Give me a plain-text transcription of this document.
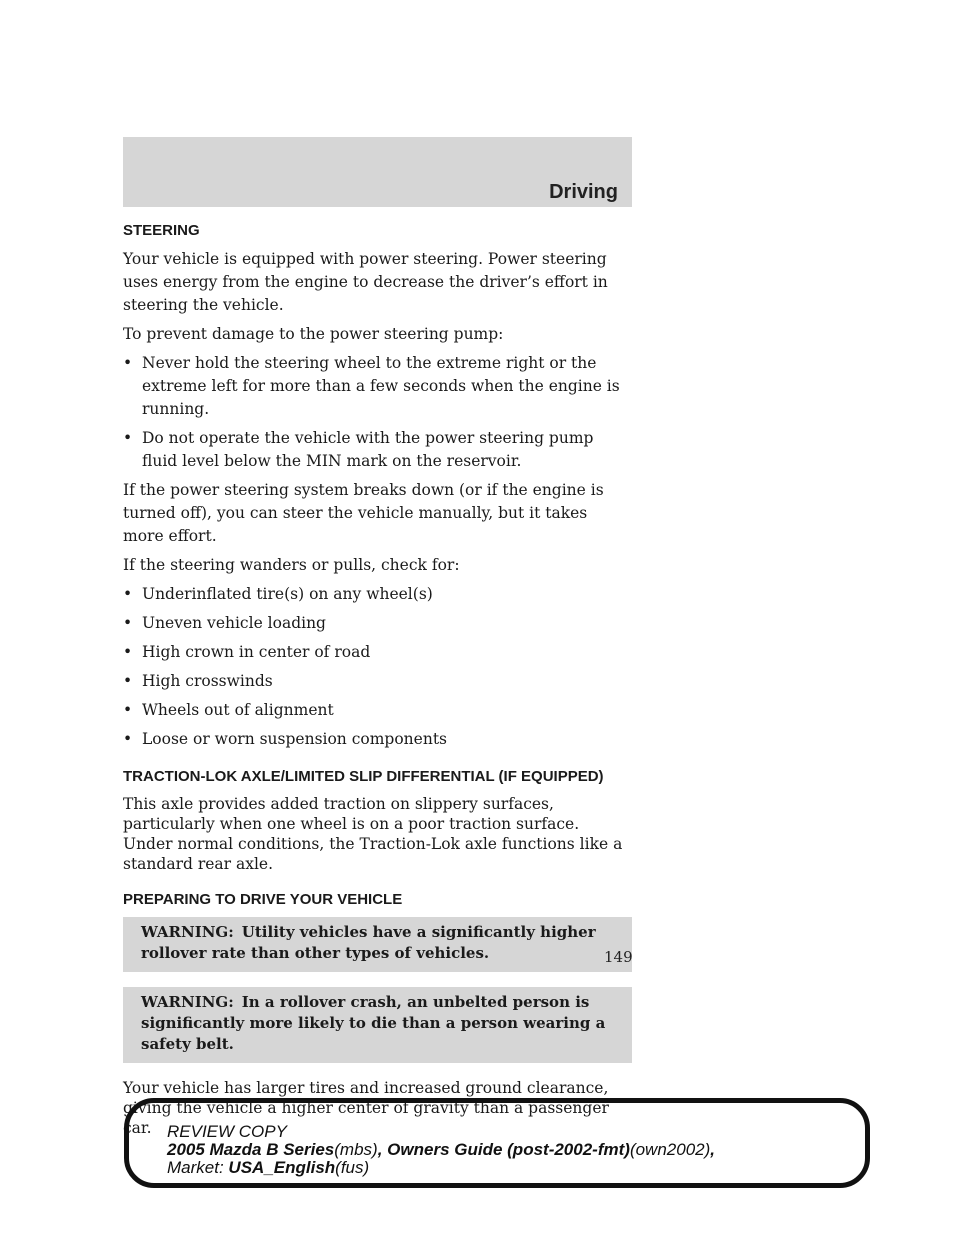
Driving
STEERING

Your vehicle is equipped with power steering. Power steering uses energy from the engine to decrease the driver’s effort in steering the vehicle.

To prevent damage to the power steering pump:

• Never hold the steering wheel to the extreme right or the extreme left for more than a few seconds when the engine is running.
• Do not operate the vehicle with the power steering pump fluid level below the MIN mark on the reservoir.

If the power steering system breaks down (or if the engine is turned off), you can steer the vehicle manually, but it takes more effort.

If the steering wanders or pulls, check for:

• Underinflated tire(s) on any wheel(s)
• Uneven vehicle loading
• High crown in center of road
• High crosswinds
• Wheels out of alignment
• Loose or worn suspension components
TRACTION-LOK AXLE/LIMITED SLIP DIFFERENTIAL (IF EQUIPPED)

This axle provides added traction on slippery surfaces, particularly when one wheel is on a poor traction surface. Under normal conditions, the Traction-Lok axle functions like a standard rear axle.

PREPARING TO DRIVE YOUR VEHICLE
WARNING: Utility vehicles have a significantly higher rollover rate than other types of vehicles.
WARNING: In a rollover crash, an unbelted person is significantly more likely to die than a person wearing a safety belt.

Your vehicle has larger tires and increased ground clearance, giving the vehicle a higher center of gravity than a passenger car.

149
REVIEW COPY
2005 Mazda B Series(mbs), Owners Guide (post-2002-fmt)(own2002),
Market: USA_English(fus)
